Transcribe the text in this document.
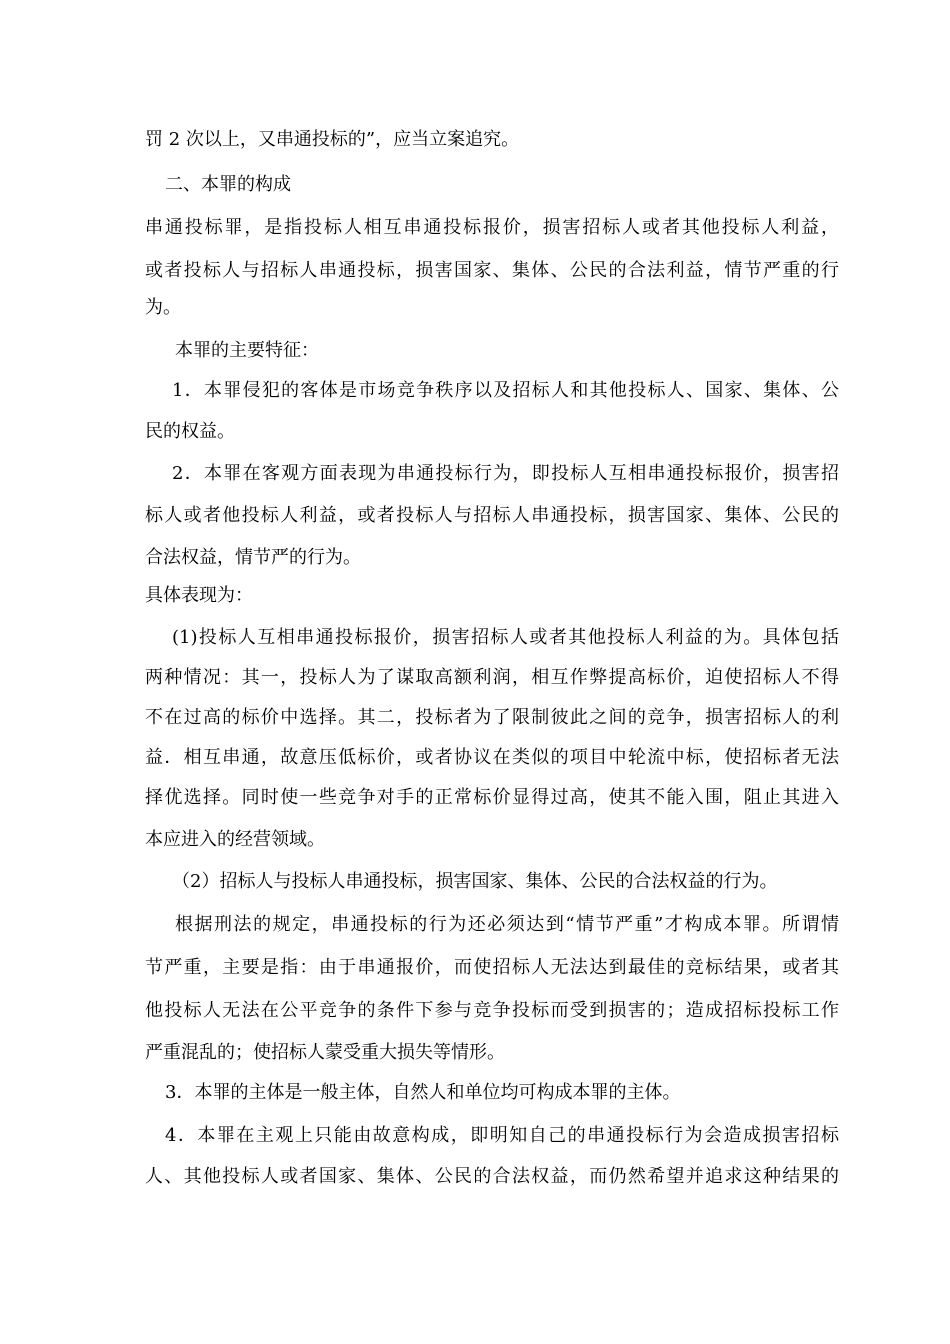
罚 2 次以上，又串通投标的”，应当立案追究。
二、本罪的构成
串通投标罪，是指投标人相互串通投标报价，损害招标人或者其他投标人利益，
或者投标人与招标人串通投标，损害国家、集体、公民的合法利益，情节严重的行
为。
本罪的主要特征：
1．本罪侵犯的客体是市场竞争秩序以及招标人和其他投标人、国家、集体、公
民的权益。
2．本罪在客观方面表现为串通投标行为，即投标人互相串通投标报价，损害招
标人或者他投标人利益，或者投标人与招标人串通投标，损害国家、集体、公民的
合法权益，情节严的行为。
具体表现为：
(1)投标人互相串通投标报价，损害招标人或者其他投标人利益的为。具体包括
两种情况：其一，投标人为了谋取高额利润，相互作弊提高标价，迫使招标人不得
不在过高的标价中选择。其二，投标者为了限制彼此之间的竞争，损害招标人的利
益．相互串通，故意压低标价，或者协议在类似的项目中轮流中标，使招标者无法
择优选择。同时使一些竞争对手的正常标价显得过高，使其不能入围，阻止其进入
本应进入的经营领域。
（2）招标人与投标人串通投标，损害国家、集体、公民的合法权益的行为。
根据刑法的规定，串通投标的行为还必须达到“情节严重”才构成本罪。所谓情
节严重，主要是指：由于串通报价，而使招标人无法达到最佳的竞标结果，或者其
他投标人无法在公平竞争的条件下参与竞争投标而受到损害的；造成招标投标工作
严重混乱的；使招标人蒙受重大损失等情形。
3．本罪的主体是一般主体，自然人和单位均可构成本罪的主体。
4．本罪在主观上只能由故意构成，即明知自己的串通投标行为会造成损害招标
人、其他投标人或者国家、集体、公民的合法权益，而仍然希望并追求这种结果的
